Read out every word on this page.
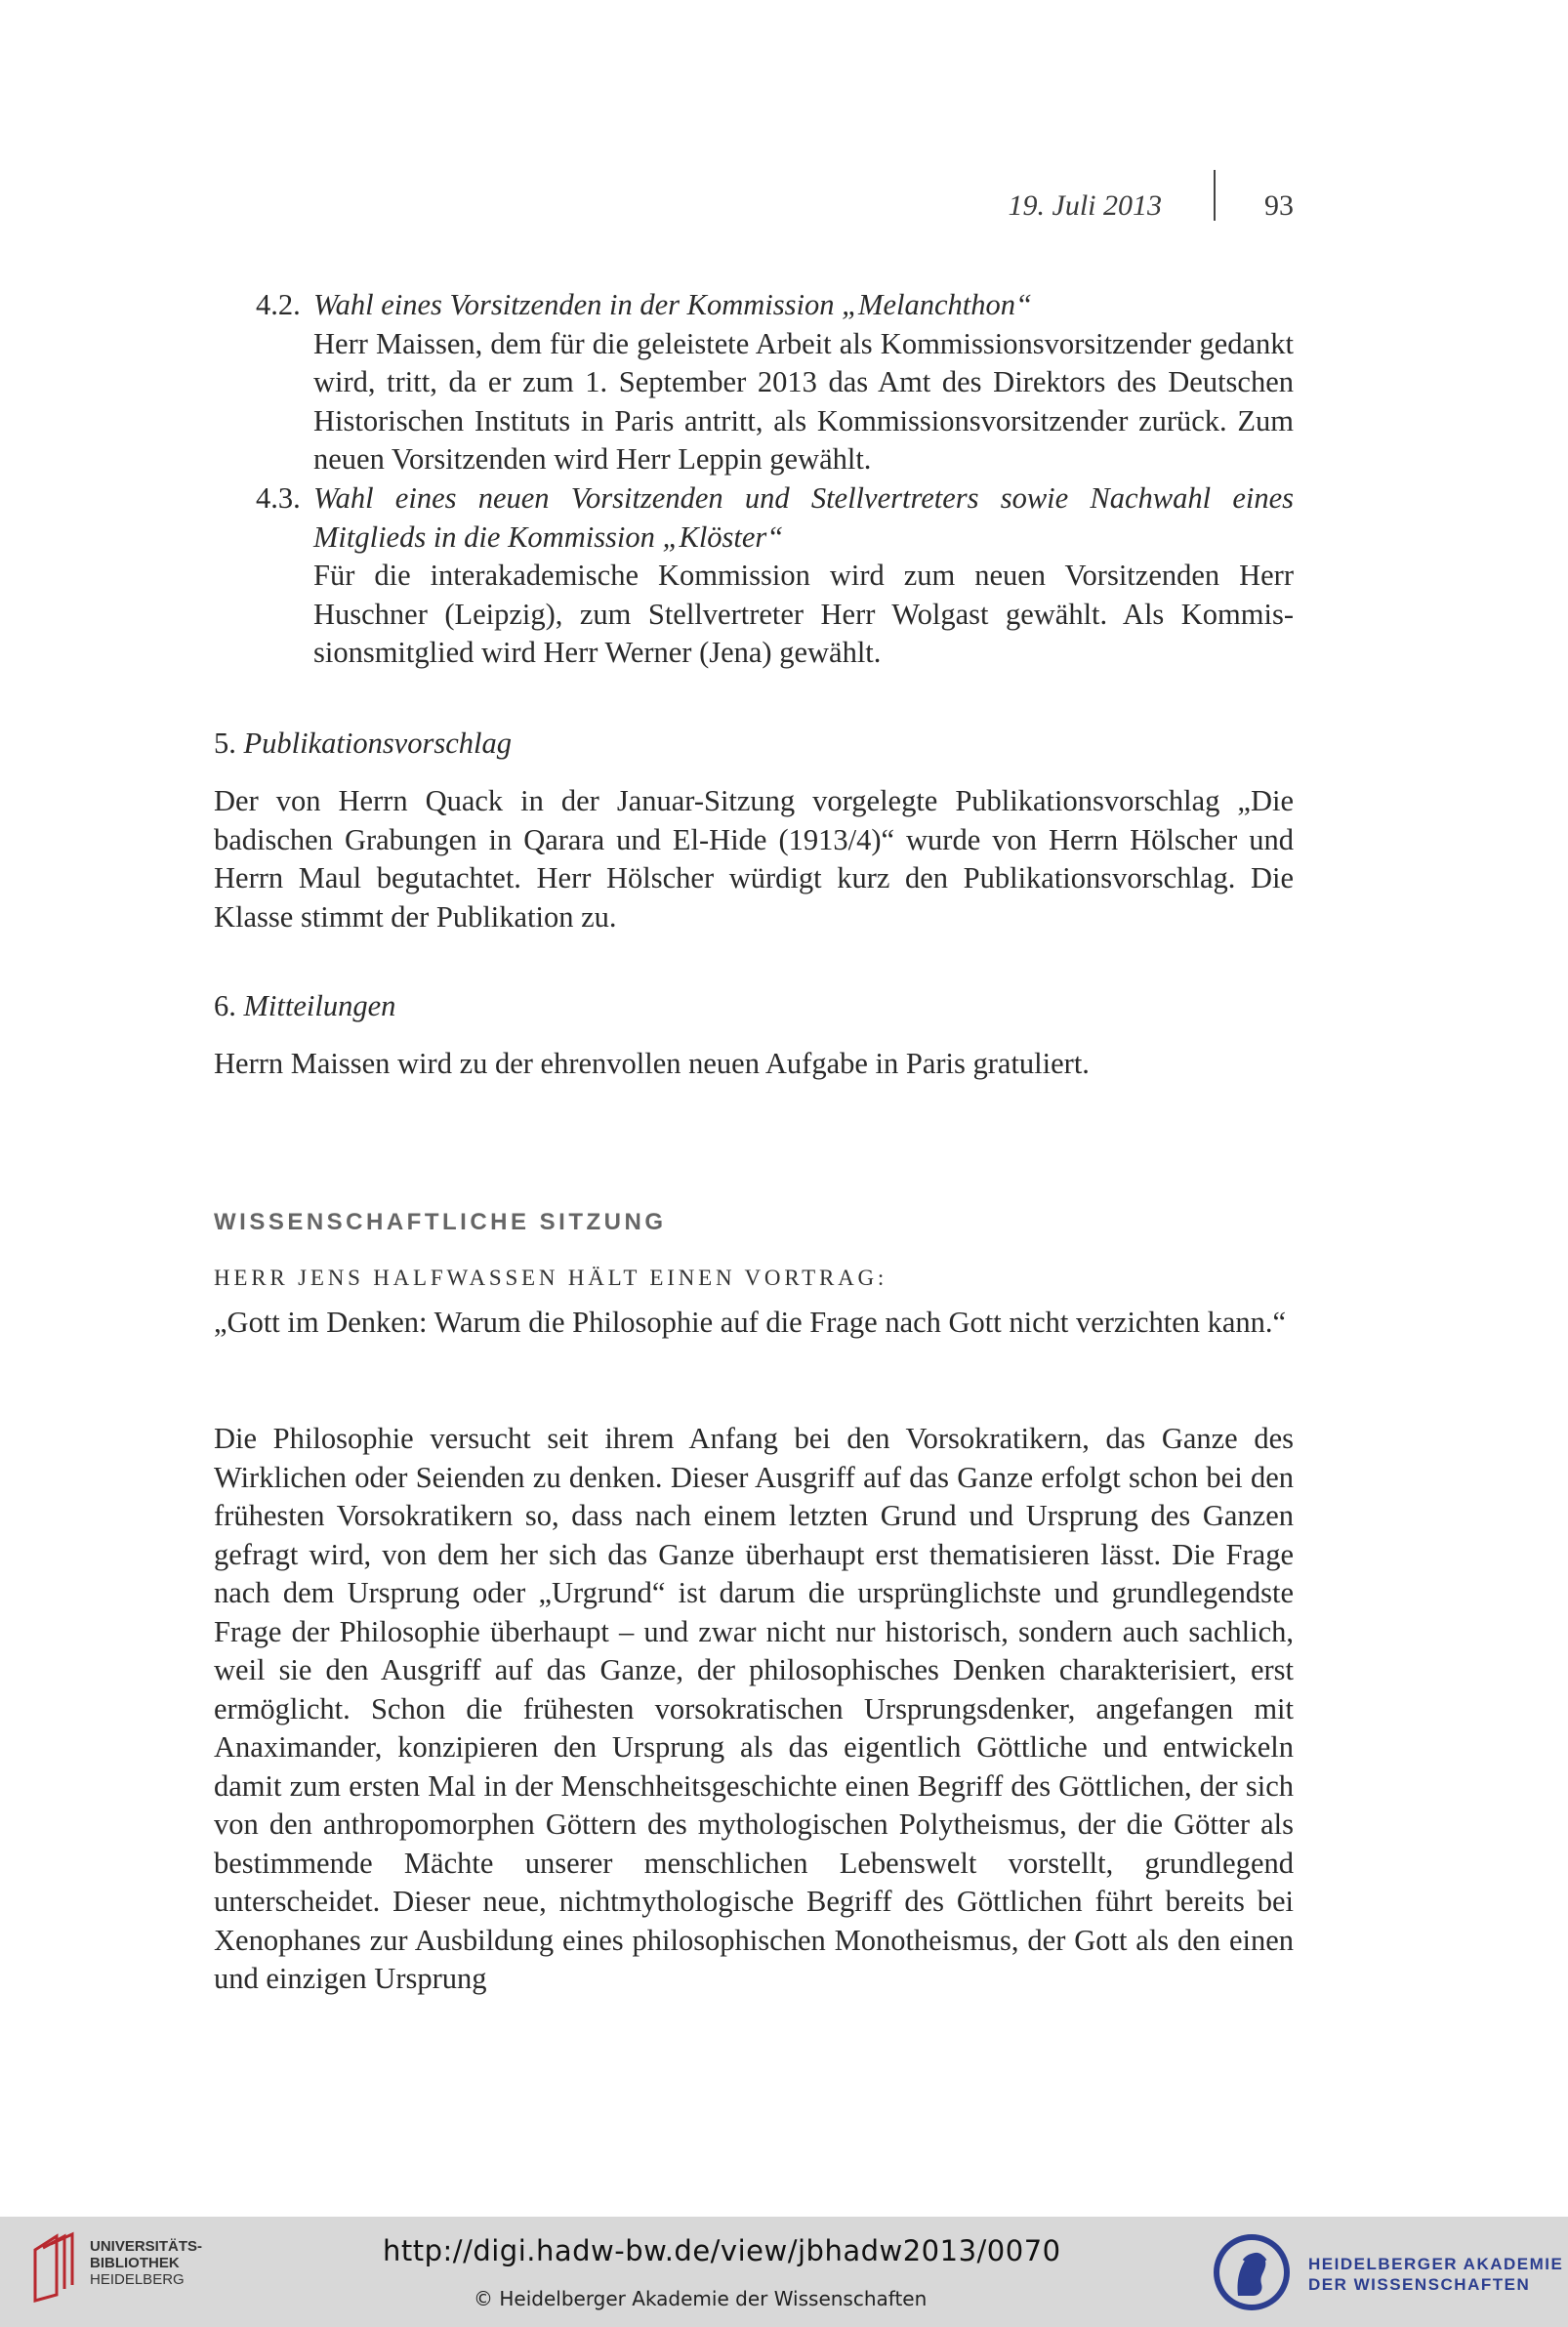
19. Juli 2013	93
4.2. Wahl eines Vorsitzenden in der Kommission „Melanchthon“
Herr Maissen, dem für die geleistete Arbeit als Kommissionsvorsitzender gedankt wird, tritt, da er zum 1. September 2013 das Amt des Direktors des Deutschen Historischen Instituts in Paris antritt, als Kommissionsvorsitzender zurück. Zum neuen Vorsitzenden wird Herr Leppin gewählt.
4.3. Wahl eines neuen Vorsitzenden und Stellvertreters sowie Nachwahl eines Mitglieds in die Kommission „Klöster“
Für die interakademische Kommission wird zum neuen Vorsitzenden Herr Huschner (Leipzig), zum Stellvertreter Herr Wolgast gewählt. Als Kommissionsmitglied wird Herr Werner (Jena) gewählt.
5. Publikationsvorschlag
Der von Herrn Quack in der Januar-Sitzung vorgelegte Publikationsvorschlag „Die badischen Grabungen in Qarara und El-Hide (1913/4)“ wurde von Herrn Hölscher und Herrn Maul begutachtet. Herr Hölscher würdigt kurz den Publikationsvorschlag. Die Klasse stimmt der Publikation zu.
6. Mitteilungen
Herrn Maissen wird zu der ehrenvollen neuen Aufgabe in Paris gratuliert.
WISSENSCHAFTLICHE SITZUNG
HERR JENS HALFWASSEN HÄLT EINEN VORTRAG:
„Gott im Denken: Warum die Philosophie auf die Frage nach Gott nicht verzichten kann.“
Die Philosophie versucht seit ihrem Anfang bei den Vorsokratikern, das Ganze des Wirklichen oder Seienden zu denken. Dieser Ausgriff auf das Ganze erfolgt schon bei den frühesten Vorsokratikern so, dass nach einem letzten Grund und Ursprung des Ganzen gefragt wird, von dem her sich das Ganze überhaupt erst thematisieren lässt. Die Frage nach dem Ursprung oder „Urgrund“ ist darum die ursprünglichste und grundlegendste Frage der Philosophie überhaupt – und zwar nicht nur historisch, sondern auch sachlich, weil sie den Ausgriff auf das Ganze, der philosophisches Denken charakterisiert, erst ermöglicht. Schon die frühesten vorsokratischen Ursprungsdenker, angefangen mit Anaximander, konzipieren den Ursprung als das eigentlich Göttliche und entwickeln damit zum ersten Mal in der Menschheitsgeschichte einen Begriff des Göttlichen, der sich von den anthropomorphen Göttern des mythologischen Polytheismus, der die Götter als bestimmende Mächte unserer menschlichen Lebenswelt vorstellt, grundlegend unterscheidet. Dieser neue, nichtmythologische Begriff des Göttlichen führt bereits bei Xenophanes zur Ausbildung eines philosophischen Monotheismus, der Gott als den einen und einzigen Ursprung
UNIVERSITÄTS-
BIBLIOTHEK
HEIDELBERG
http://digi.hadw-bw.de/view/jbhadw2013/0070
© Heidelberger Akademie der Wissenschaften
HEIDELBERGER AKADEMIE
DER WISSENSCHAFTEN
